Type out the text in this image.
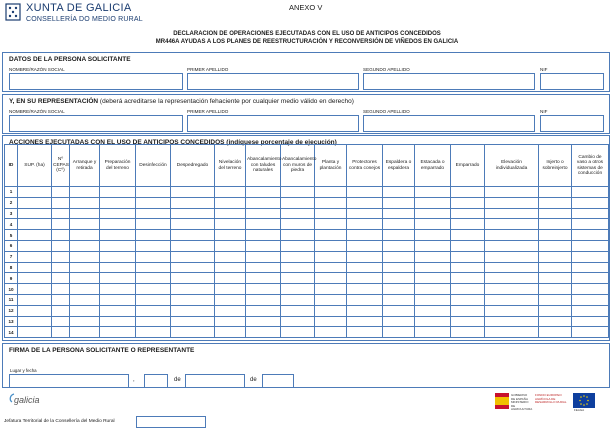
XUNTA DE GALICIA
CONSELLERÍA DO MEDIO RURAL
ANEXO V
DECLARACION DE OPERACIONES EJECUTADAS CON EL USO DE ANTICIPOS CONCEDIDOS
MR446A AYUDAS A LOS PLANES DE REESTRUCTURACIÓN Y RECONVERSIÓN DE VIÑEDOS EN GALICIA
DATOS DE LA PERSONA SOLICITANTE
NOMBRE/RAZÓN SOCIAL	PRIMER APELLIDO	SEGUNDO APELLIDO	NIF
Y, EN SU REPRESENTACIÓN (deberá acreditarse la representación fehaciente por cualquier medio válido en derecho)
NOMBRE/RAZÓN SOCIAL	PRIMER APELLIDO	SEGUNDO APELLIDO	NIF
ACCIONES EJECUTADAS CON EL USO DE ANTICIPOS CONCEDIDOS (indíquese porcentaje de ejecución)
ID	SUP. (ha)	Nº CEPAS (Cº)	Arranque y retirada	Preparación del terreno	Desinfección	Despedregado	Nivelación del terreno	Abancalamiento con taludes naturales	Abancalamiento con muros de piedra	Planta y plantación	Protectores contra conejos	Espaldera o espaldera	Estacada o emparrado	Emparrado	Elevación individualizada	Injerto o sobreinjerto	Cambio de vaso a otros sistemas de conducción
1																	
2																	
3																	
4																	
5																	
6																	
7																	
8																	
9																	
10																	
11																	
12																	
13																	
14																	
FIRMA DE LA PERSONA SOLICITANTE O REPRESENTANTE
Lugar y fecha
,	de	de
galicia	GOBIERNO DE ESPAÑA MINISTERIO DE AGRICULTURA
FONDO EUROPEO AGRÍCOLA DE DESARROLLO RURAL
FEAGA
Jefatura Territorial de la Consellería del Medio Rural
